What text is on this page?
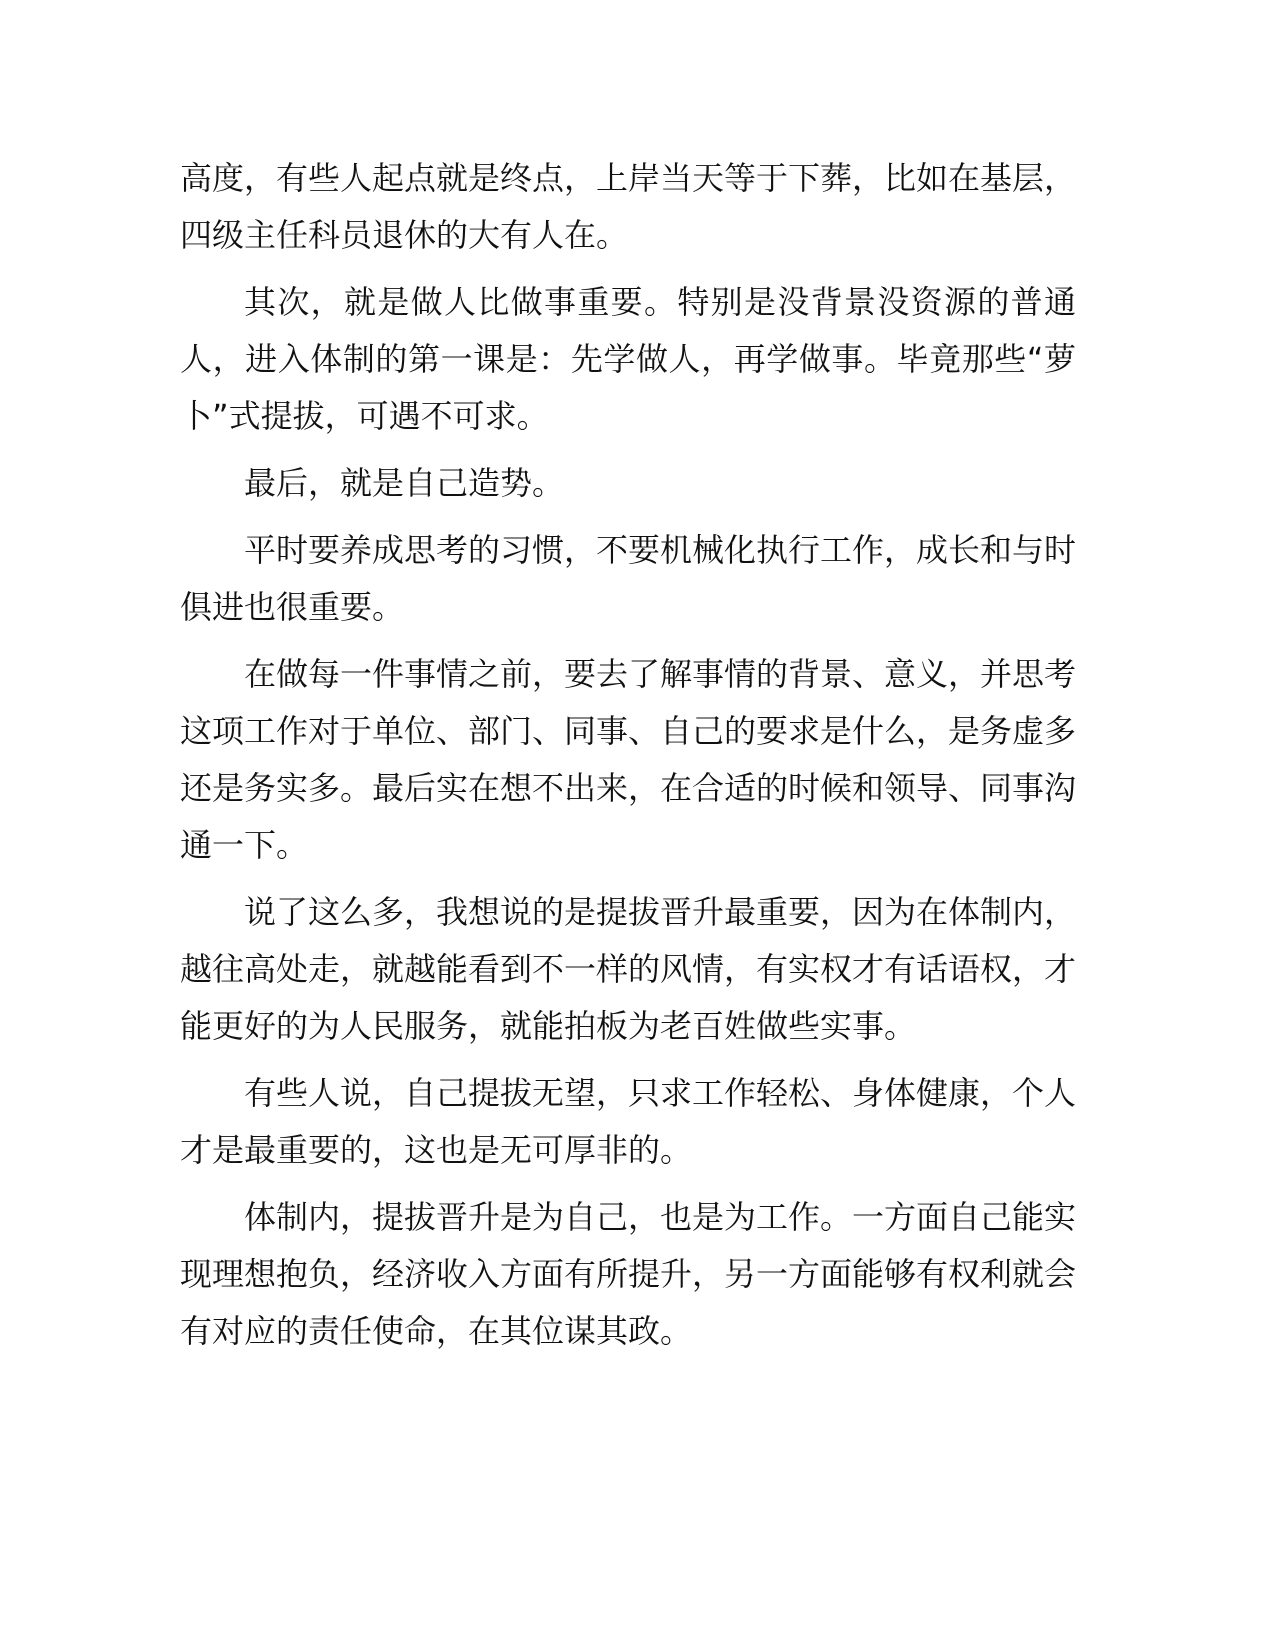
高度，有些人起点就是终点，上岸当天等于下葬，比如在基层，四级主任科员退休的大有人在。

其次，就是做人比做事重要。特别是没背景没资源的普通人，进入体制的第一课是：先学做人，再学做事。毕竟那些“萝卜”式提拔，可遇不可求。

最后，就是自己造势。

平时要养成思考的习惯，不要机械化执行工作，成长和与时俱进也很重要。

在做每一件事情之前，要去了解事情的背景、意义，并思考这项工作对于单位、部门、同事、自己的要求是什么，是务虚多还是务实多。最后实在想不出来，在合适的时候和领导、同事沟通一下。

说了这么多，我想说的是提拔晋升最重要，因为在体制内，越往高处走，就越能看到不一样的风情，有实权才有话语权，才能更好的为人民服务，就能拍板为老百姓做些实事。

有些人说，自己提拔无望，只求工作轻松、身体健康，个人才是最重要的，这也是无可厚非的。

体制内，提拔晋升是为自己，也是为工作。一方面自己能实现理想抱负，经济收入方面有所提升，另一方面能够有权利就会有对应的责任使命，在其位谋其政。
